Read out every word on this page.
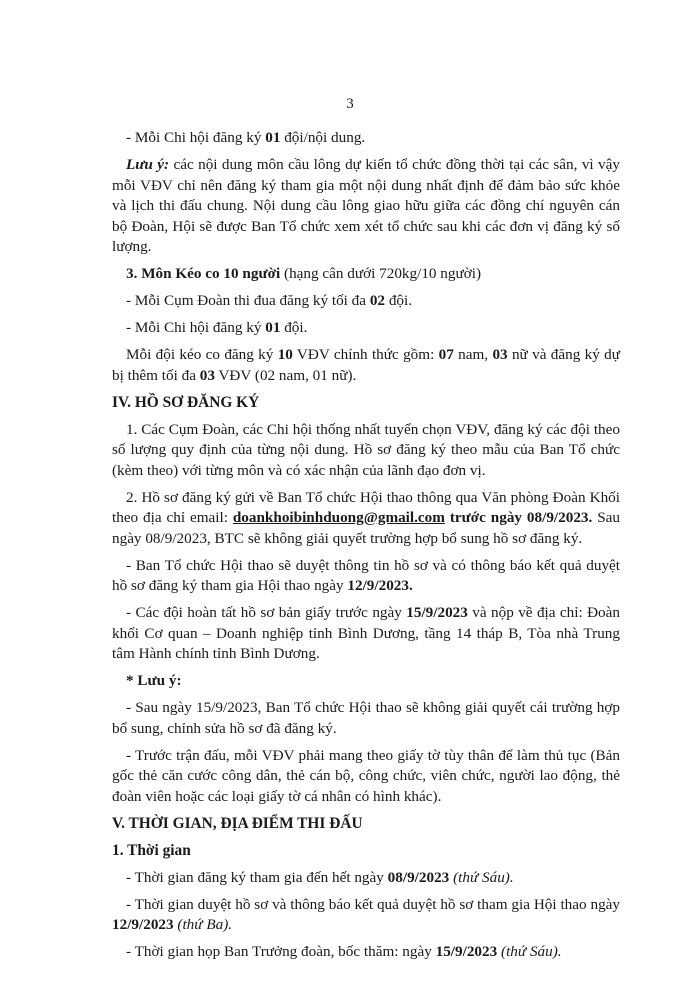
3

- Mỗi Chi hội đăng ký 01 đội/nội dung.

Lưu ý: các nội dung môn cầu lông dự kiến tổ chức đồng thời tại các sân, vì vậy mỗi VĐV chỉ nên đăng ký tham gia một nội dung nhất định để đảm bảo sức khỏe và lịch thi đấu chung. Nội dung cầu lông giao hữu giữa các đồng chí nguyên cán bộ Đoàn, Hội sẽ được Ban Tổ chức xem xét tổ chức sau khi các đơn vị đăng ký số lượng.

3. Môn Kéo co 10 người (hạng cân dưới 720kg/10 người)

- Mỗi Cụm Đoàn thi đua đăng ký tối đa 02 đội.

- Mỗi Chi hội đăng ký 01 đội.

Mỗi đội kéo co đăng ký 10 VĐV chính thức gồm: 07 nam, 03 nữ và đăng ký dự bị thêm tối đa 03 VĐV (02 nam, 01 nữ).

IV. HỒ SƠ ĐĂNG KÝ

1. Các Cụm Đoàn, các Chi hội thống nhất tuyển chọn VĐV, đăng ký các đội theo số lượng quy định của từng nội dung. Hồ sơ đăng ký theo mẫu của Ban Tổ chức (kèm theo) với từng môn và có xác nhận của lãnh đạo đơn vị.

2. Hồ sơ đăng ký gửi về Ban Tổ chức Hội thao thông qua Văn phòng Đoàn Khối theo địa chỉ email: doankhoibinhduong@gmail.com trước ngày 08/9/2023. Sau ngày 08/9/2023, BTC sẽ không giải quyết trường hợp bổ sung hồ sơ đăng ký.

- Ban Tổ chức Hội thao sẽ duyệt thông tin hồ sơ và có thông báo kết quả duyệt hồ sơ đăng ký tham gia Hội thao ngày 12/9/2023.

- Các đội hoàn tất hồ sơ bản giấy trước ngày 15/9/2023 và nộp về địa chỉ: Đoàn khối Cơ quan – Doanh nghiệp tỉnh Bình Dương, tầng 14 tháp B, Tòa nhà Trung tâm Hành chính tỉnh Bình Dương.

* Lưu ý:

- Sau ngày 15/9/2023, Ban Tổ chức Hội thao sẽ không giải quyết cái trường hợp bổ sung, chỉnh sửa hồ sơ đã đăng ký.

- Trước trận đấu, mỗi VĐV phải mang theo giấy tờ tùy thân để làm thủ tục (Bản gốc thẻ căn cước công dân, thẻ cán bộ, công chức, viên chức, người lao động, thẻ đoàn viên hoặc các loại giấy tờ cá nhân có hình khác).

V. THỜI GIAN, ĐỊA ĐIỂM THI ĐẤU

1. Thời gian

- Thời gian đăng ký tham gia đến hết ngày 08/9/2023 (thứ Sáu).

- Thời gian duyệt hồ sơ và thông báo kết quả duyệt hồ sơ tham gia Hội thao ngày 12/9/2023 (thứ Ba).

- Thời gian họp Ban Trưởng đoàn, bốc thăm: ngày 15/9/2023 (thứ Sáu).
